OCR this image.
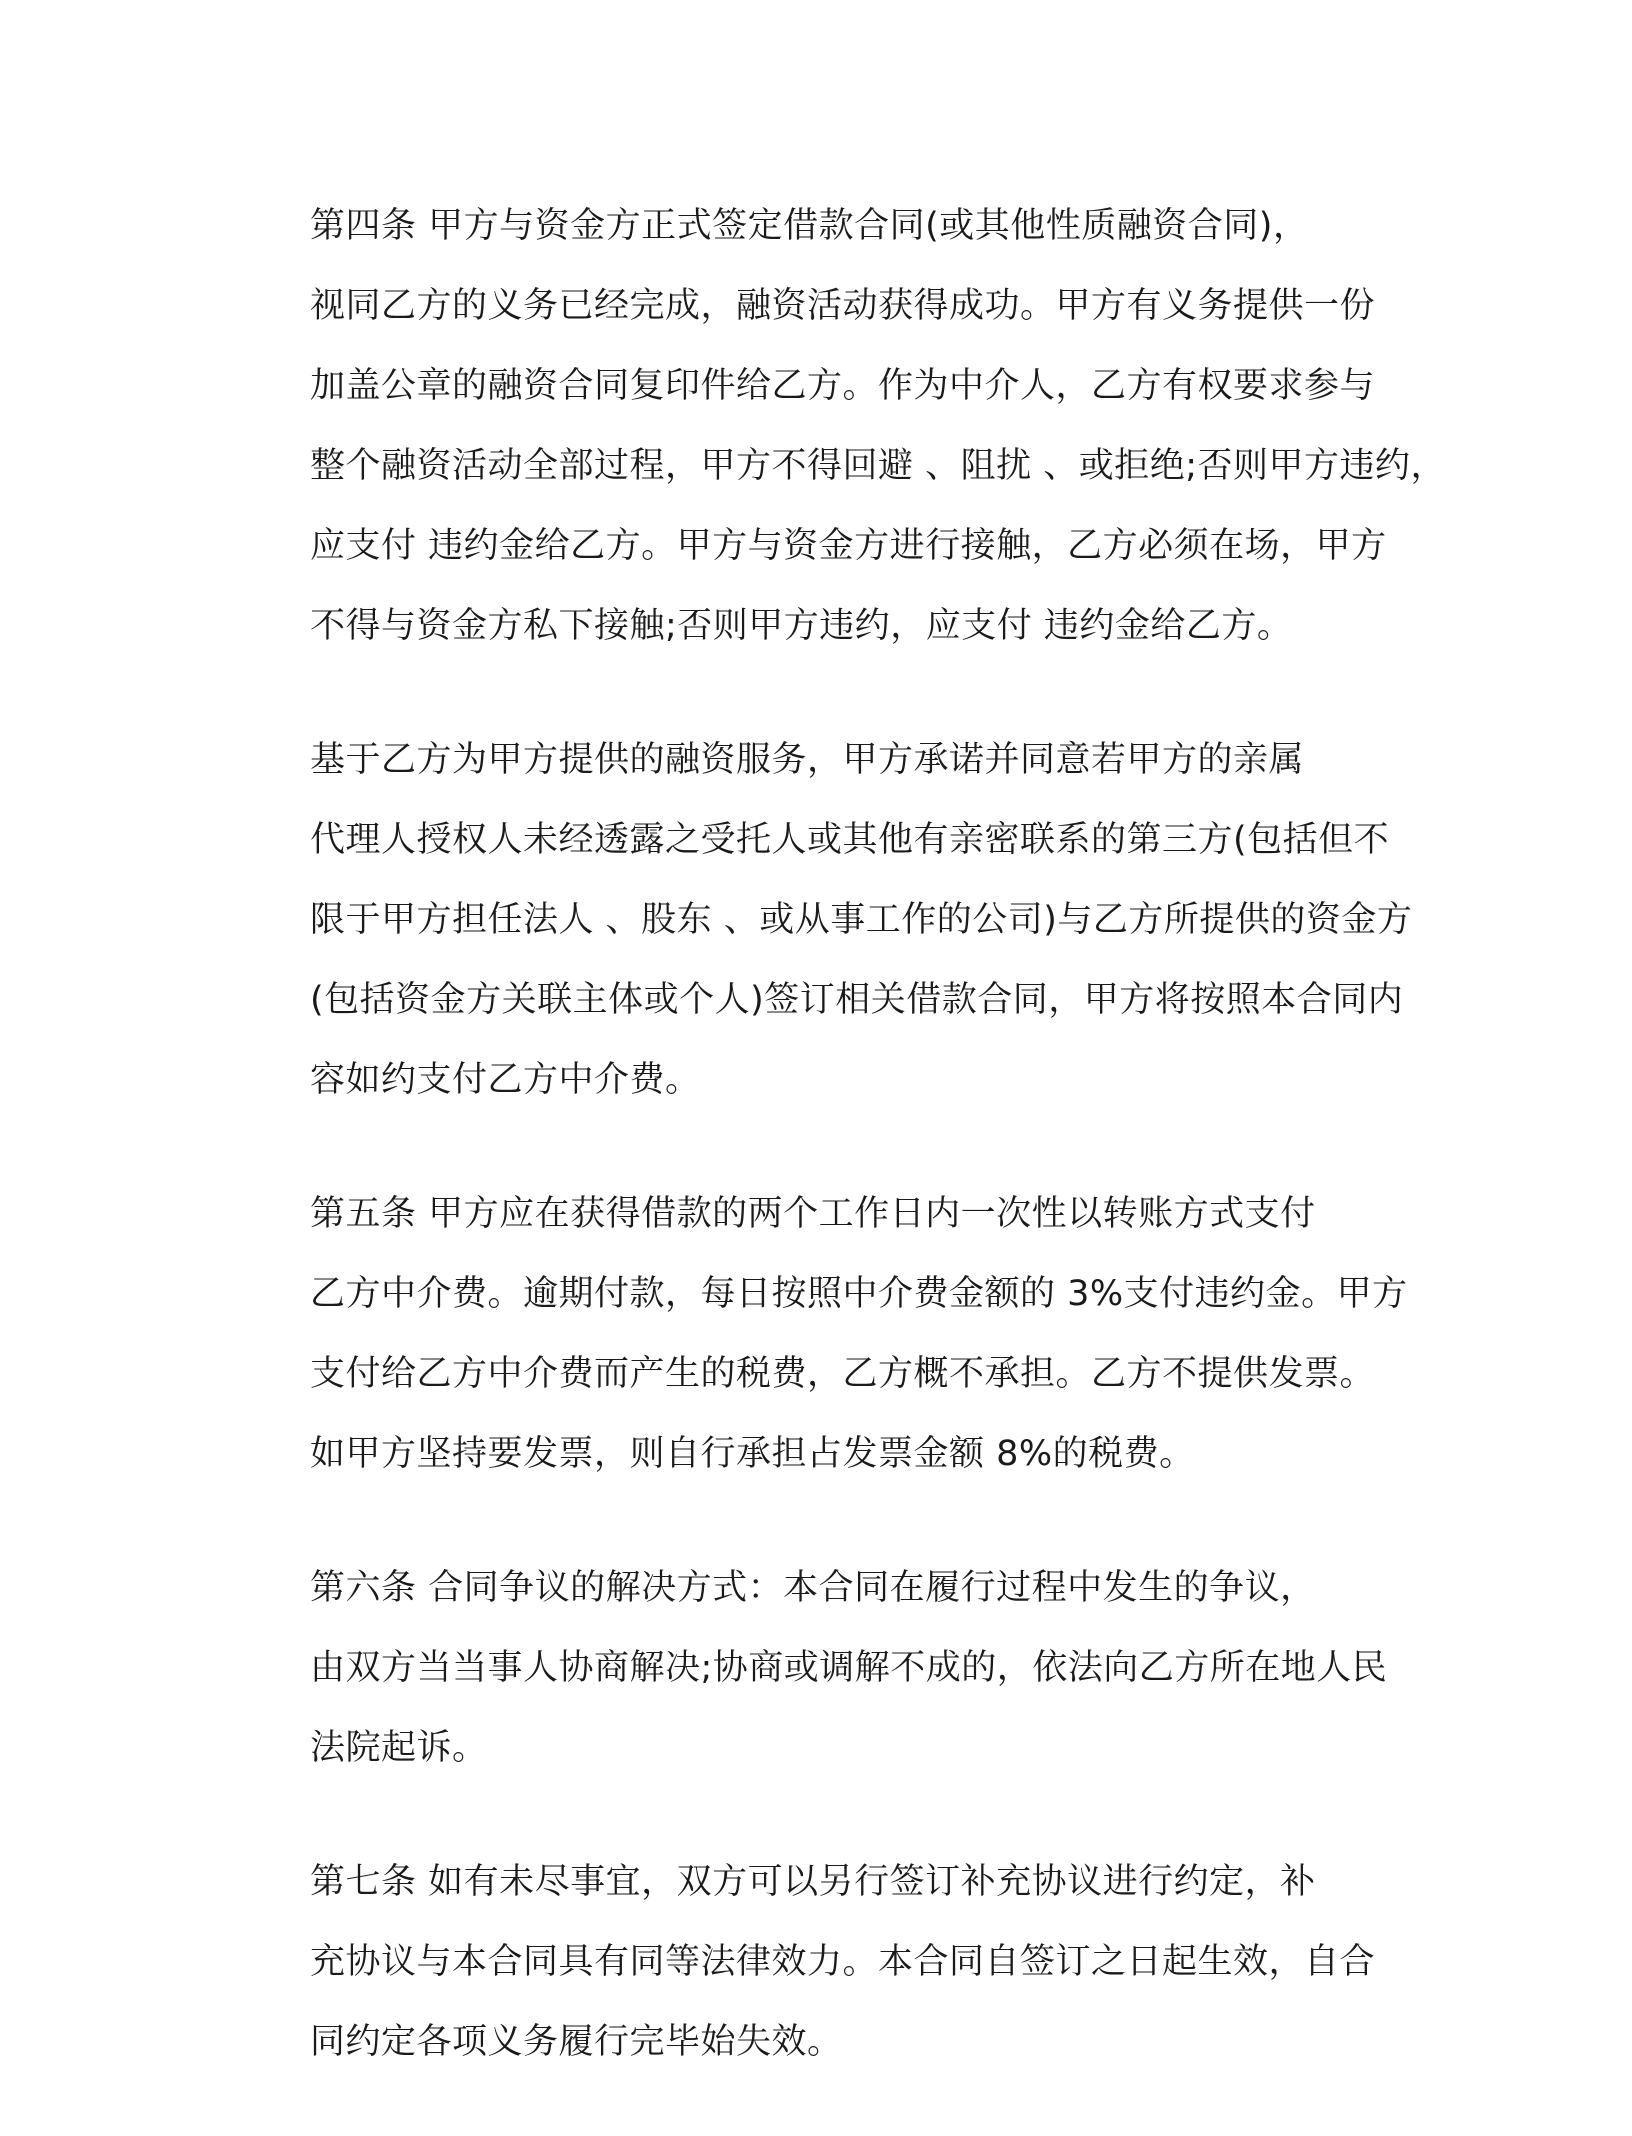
第四条 甲方与资金方正式签定借款合同(或其他性质融资合同)，
视同乙方的义务已经完成，融资活动获得成功。甲方有义务提供一份
加盖公章的融资合同复印件给乙方。作为中介人，乙方有权要求参与
整个融资活动全部过程，甲方不得回避 、阻扰 、或拒绝;否则甲方违约，
应支付 违约金给乙方。甲方与资金方进行接触，乙方必须在场，甲方
不得与资金方私下接触;否则甲方违约，应支付 违约金给乙方。

基于乙方为甲方提供的融资服务，甲方承诺并同意若甲方的亲属
代理人授权人未经透露之受托人或其他有亲密联系的第三方(包括但不
限于甲方担任法人 、股东 、或从事工作的公司)与乙方所提供的资金方
(包括资金方关联主体或个人)签订相关借款合同，甲方将按照本合同内
容如约支付乙方中介费。

第五条 甲方应在获得借款的两个工作日内一次性以转账方式支付
乙方中介费。逾期付款，每日按照中介费金额的 3%支付违约金。甲方
支付给乙方中介费而产生的税费，乙方概不承担。乙方不提供发票。
如甲方坚持要发票，则自行承担占发票金额 8%的税费。

第六条 合同争议的解决方式：本合同在履行过程中发生的争议，
由双方当当事人协商解决;协商或调解不成的，依法向乙方所在地人民
法院起诉。

第七条 如有未尽事宜，双方可以另行签订补充协议进行约定，补
充协议与本合同具有同等法律效力。本合同自签订之日起生效，自合
同约定各项义务履行完毕始失效。
